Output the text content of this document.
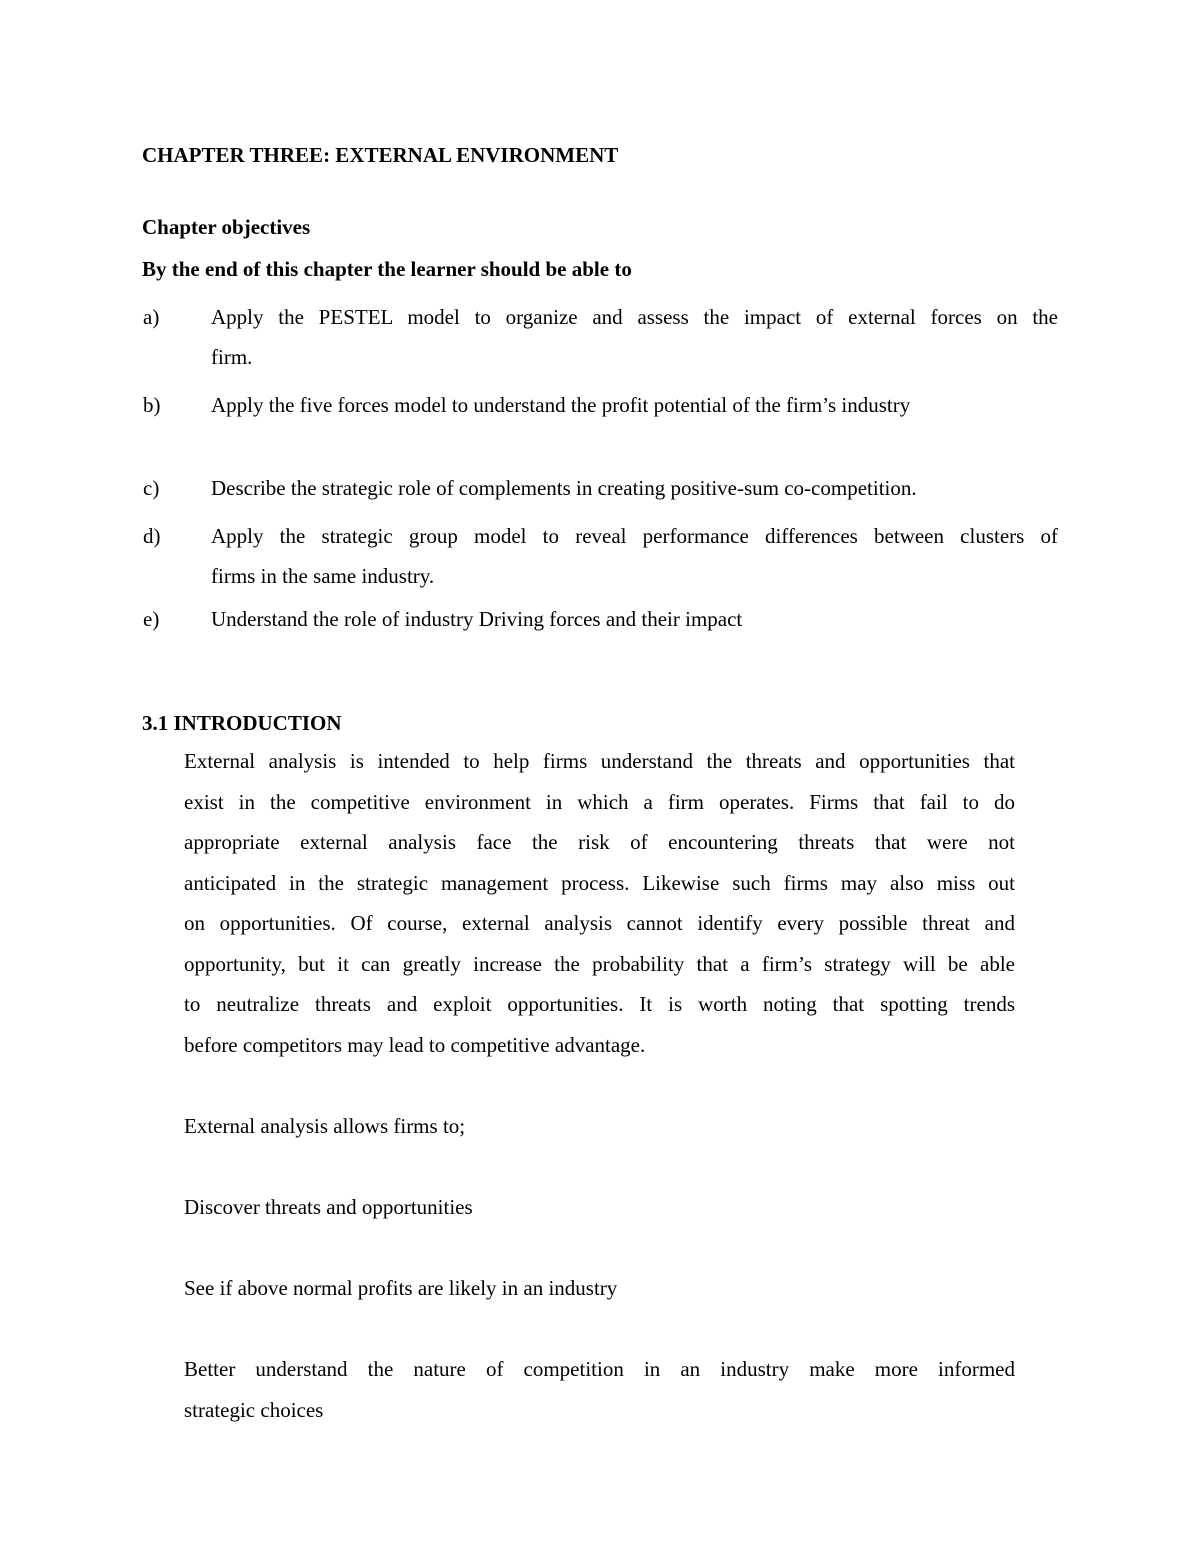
CHAPTER THREE: EXTERNAL ENVIRONMENT
Chapter objectives
By the end of this chapter the learner should be able to
a) Apply the PESTEL model to organize and assess the impact of external forces on the
firm.
b) Apply the five forces model to understand the profit potential of the firm’s industry
c) Describe the strategic role of complements in creating positive-sum co-competition.
d) Apply the strategic group model to reveal performance differences between clusters of
firms in the same industry.
e) Understand the role of industry Driving forces and their impact
3.1 INTRODUCTION
External analysis is intended to help firms understand the threats and opportunities that
exist in the competitive environment in which a firm operates. Firms that fail to do
appropriate external analysis face the risk of encountering threats that were not
anticipated in the strategic management process. Likewise such firms may also miss out
on opportunities. Of course, external analysis cannot identify every possible threat and
opportunity, but it can greatly increase the probability that a firm’s strategy will be able
to neutralize threats and exploit opportunities. It is worth noting that spotting trends
before competitors may lead to competitive advantage.
External analysis allows firms to;
Discover threats and opportunities
See if above normal profits are likely in an industry
Better understand the nature of competition in an industry make more informed
strategic choices
